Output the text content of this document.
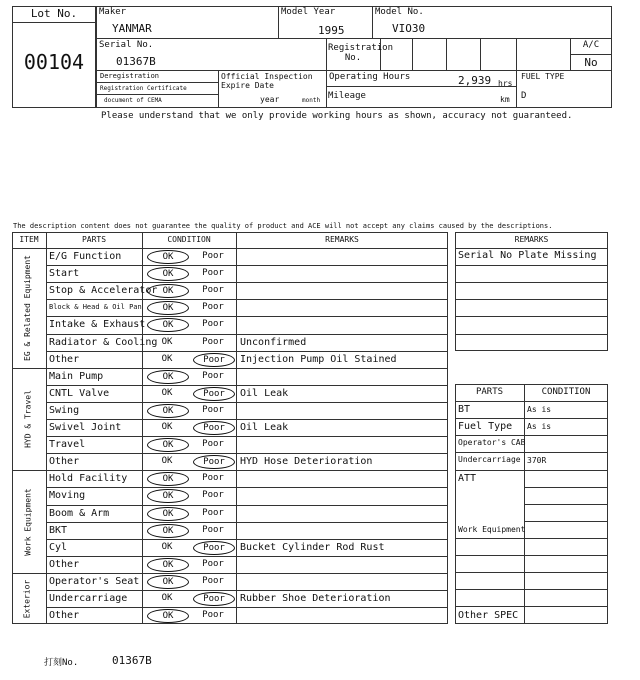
Lot No.
00104
Maker
YANMAR
Model Year
1995
Model No.
VIO30
Serial No.
01367B
Registration No.
A/C
No
Deregistration
Registration Certificate
document of CEMA
Official Inspection Expire Date
year	month
Operating Hours	2,939 hrs
Mileage	km
FUEL TYPE
D
Please understand that we only provide working hours as shown, accuracy not guaranteed.
The description content does not guarantee the quality of product and ACE will not accept any claims caused by the descriptions.
ITEM	PARTS	CONDITION	REMARKS
EG & Related Equipment	E/G Function	OK	Poor
Start	OK	Poor
Stop & Accelerator OK	Poor
Block & Head & Oil Pan	OK	Poor
Intake & Exhaust	OK	Poor
Radiator & Cooling OK	Poor	Unconfirmed
Other	OK	Poor	Injection Pump Oil Stained
HYD & Travel
Main Pump	OK	Poor
CNTL Valve	OK	Poor	Oil Leak
Swing	OK	Poor
Swivel Joint	OK	Poor	Oil Leak
Travel	OK	Poor
Other	OK	Poor	HYD Hose Deterioration
Work Equipment
Hold Facility	OK	Poor
Moving	OK	Poor
Boom & Arm	OK	Poor
BKT	OK	Poor
Cyl	OK	Poor	Bucket Cylinder Rod Rust
Other	OK	Poor
Exterior	Operator's Seat	OK	Poor
Undercarriage	OK	Poor	Rubber Shoe Deterioration
Other	OK	Poor
REMARKS
Serial No Plate Missing
PARTS	CONDITION
BT	As is
Fuel Type As is
Operator's CAB
Undercarriage 370R
ATT
Work Equipment
Other SPEC
打刻No.	01367B
